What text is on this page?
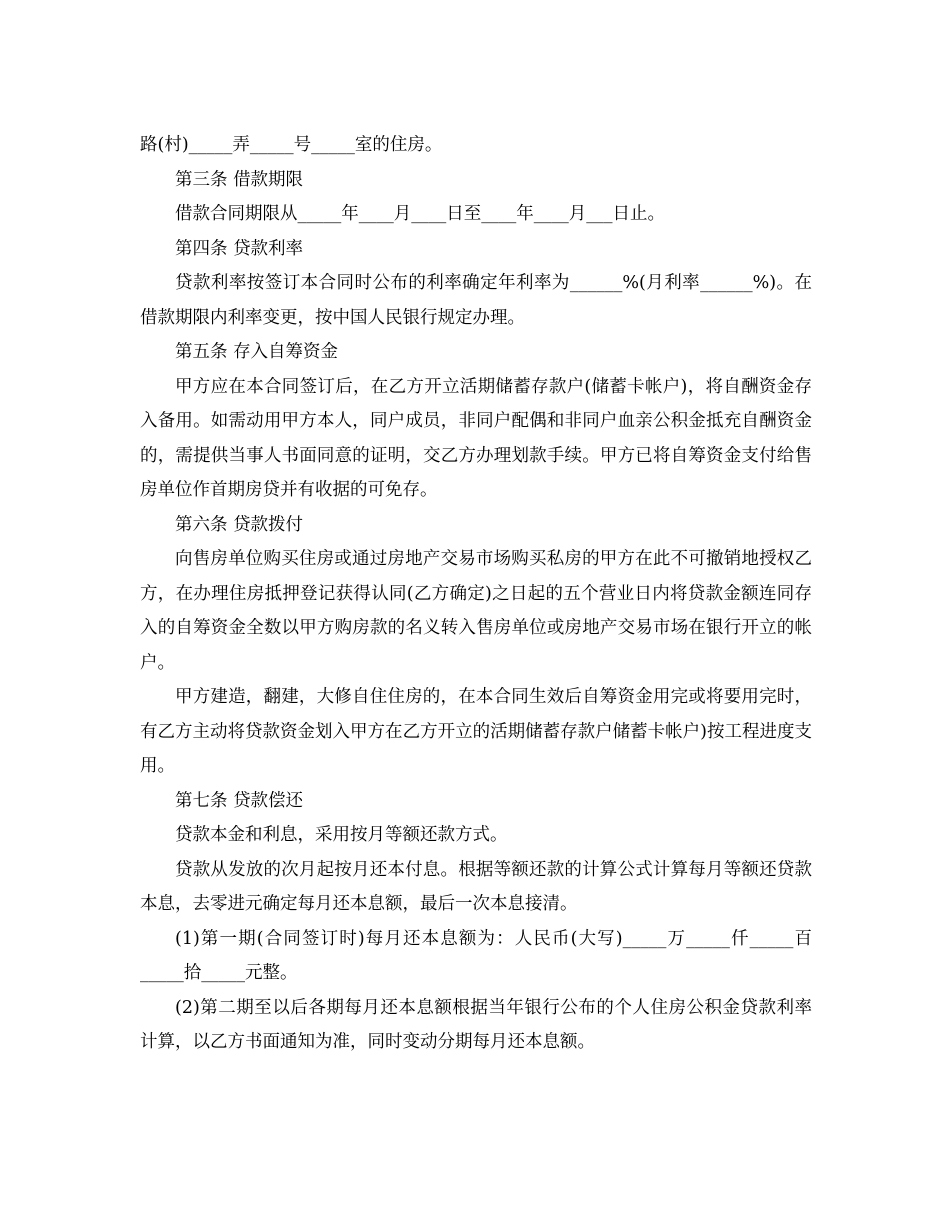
路(村)_____弄_____号_____室的住房。

第三条 借款期限

借款合同期限从_____年____月____日至____年____月___日止。

第四条 贷款利率

贷款利率按签订本合同时公布的利率确定年利率为______%(月利率______%)。在借款期限内利率变更，按中国人民银行规定办理。

第五条 存入自筹资金

甲方应在本合同签订后，在乙方开立活期储蓄存款户(储蓄卡帐户)，将自酬资金存入备用。如需动用甲方本人，同户成员，非同户配偶和非同户血亲公积金抵充自酬资金的，需提供当事人书面同意的证明，交乙方办理划款手续。甲方已将自筹资金支付给售房单位作首期房贷并有收据的可免存。

第六条 贷款拨付

向售房单位购买住房或通过房地产交易市场购买私房的甲方在此不可撤销地授权乙方，在办理住房抵押登记获得认同(乙方确定)之日起的五个营业日内将贷款金额连同存入的自筹资金全数以甲方购房款的名义转入售房单位或房地产交易市场在银行开立的帐户。

甲方建造，翻建，大修自住住房的，在本合同生效后自筹资金用完或将要用完时，有乙方主动将贷款资金划入甲方在乙方开立的活期储蓄存款户储蓄卡帐户)按工程进度支用。

第七条 贷款偿还

贷款本金和利息，采用按月等额还款方式。

贷款从发放的次月起按月还本付息。根据等额还款的计算公式计算每月等额还贷款本息，去零进元确定每月还本息额，最后一次本息接清。

(1)第一期(合同签订时)每月还本息额为：人民币(大写)_____万_____仟_____百_____拾_____元整。

(2)第二期至以后各期每月还本息额根据当年银行公布的个人住房公积金贷款利率计算，以乙方书面通知为准，同时变动分期每月还本息额。
